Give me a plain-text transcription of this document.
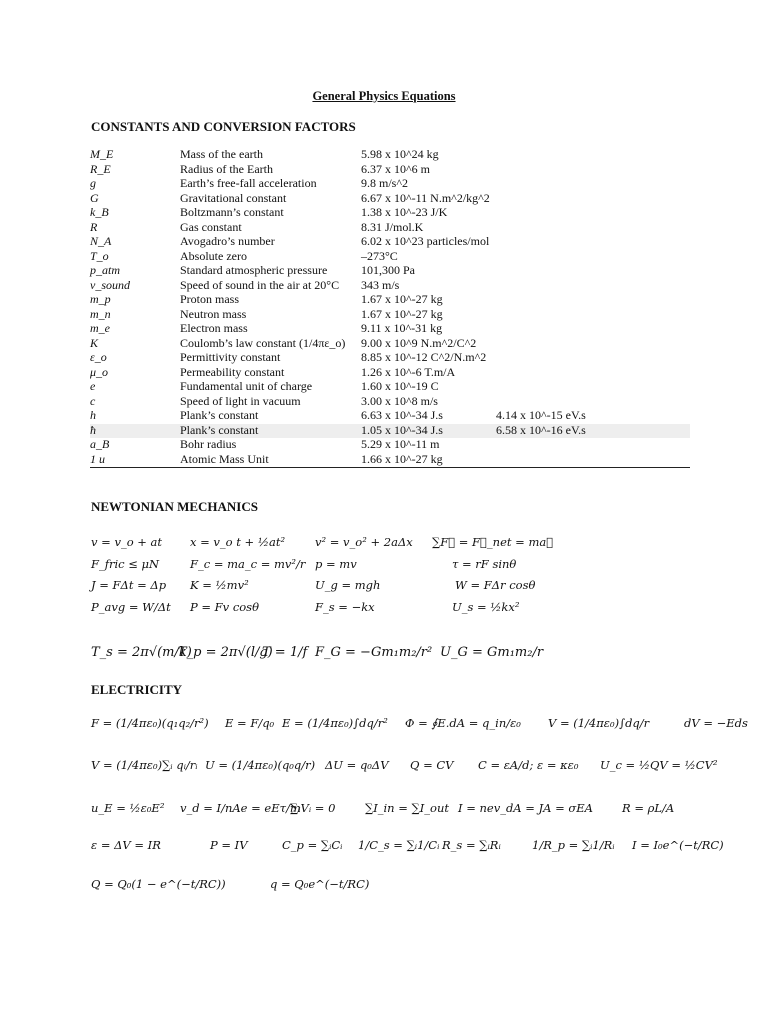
General Physics Equations
CONSTANTS AND CONVERSION FACTORS
M_E	Mass of the earth	5.98 x 10^24 kg	
R_E	Radius of the Earth	6.37 x 10^6 m	
g	Earth’s free-fall acceleration	9.8 m/s^2	
G	Gravitational constant	6.67 x 10^-11 N.m^2/kg^2	
k_B	Boltzmann’s constant	1.38 x 10^-23 J/K	
R	Gas constant	8.31 J/mol.K	
N_A	Avogadro’s number	6.02 x 10^23 particles/mol	
T_o	Absolute zero	–273°C	
p_atm	Standard atmospheric pressure	101,300 Pa	
v_sound	Speed of sound in the air at 20°C	343 m/s	
m_p	Proton mass	1.67 x 10^-27 kg	
m_n	Neutron mass	1.67 x 10^-27 kg	
m_e	Electron mass	9.11 x 10^-31 kg	
K	Coulomb’s law constant (1/4πε_o)	9.00 x 10^9 N.m^2/C^2	
ε_o	Permittivity constant	8.85 x 10^-12 C^2/N.m^2	
μ_o	Permeability constant	1.26 x 10^-6 T.m/A	
e	Fundamental unit of charge	1.60 x 10^-19 C	
c	Speed of light in vacuum	3.00 x 10^8 m/s	
h	Plank’s constant	6.63 x 10^-34 J.s	4.14 x 10^-15 eV.s
ħ	Plank’s constant	1.05 x 10^-34 J.s	6.58 x 10^-16 eV.s
a_B	Bohr radius	5.29 x 10^-11 m	
1 u	Atomic Mass Unit	1.66 x 10^-27 kg	
NEWTONIAN MECHANICS
v = v_o + at x = v_o t + ½at²	v² = v_o² + 2aΔx ∑F⃗ = F⃗_net = ma⃗
F_fric ≤ μN	F_c = ma_c = mv²/r p = mv	τ = rF sinθ
J = FΔt = Δp K = ½mv²	U_g = mgh	W = FΔr cosθ
P_avg = W/Δt P = Fv cosθ	F_s = −kx	U_s = ½kx²
T_s = 2π√(m/k)
T_p = 2π√(l/g)
T = 1/f F_G = −Gm₁m₂/r² U_G = Gm₁m₂/r
ELECTRICITY
F = (1/4πε₀)(q₁q₂/r²) E = F/q₀ E = (1/4πε₀)∫dq/r² Φ = ∮E.dA = q_in/ε₀ V = (1/4πε₀)∫dq/r	dV = −Eds
V = (1/4πε₀)∑ᵢ qᵢ/rᵢ U = (1/4πε₀)(q₀q/r) ΔU = q₀ΔV Q = CV C = εA/d; ε = κε₀ U_c = ½QV = ½CV²
u_E = ½ε₀E² v_d = I/nAe = eEτ/m
∑ᵢVᵢ = 0	∑I_in = ∑I_out I = nev_dA = JA = σEA	R = ρL/A
ε = ΔV = IR	P = IV	C_p = ∑ᵢCᵢ 1/C_s = ∑ᵢ1/Cᵢ R_s = ∑ᵢRᵢ	1/R_p = ∑ᵢ1/Rᵢ I = I₀e^(−t/RC)
Q = Q₀(1 − e^(−t/RC))	q = Q₀e^(−t/RC)
